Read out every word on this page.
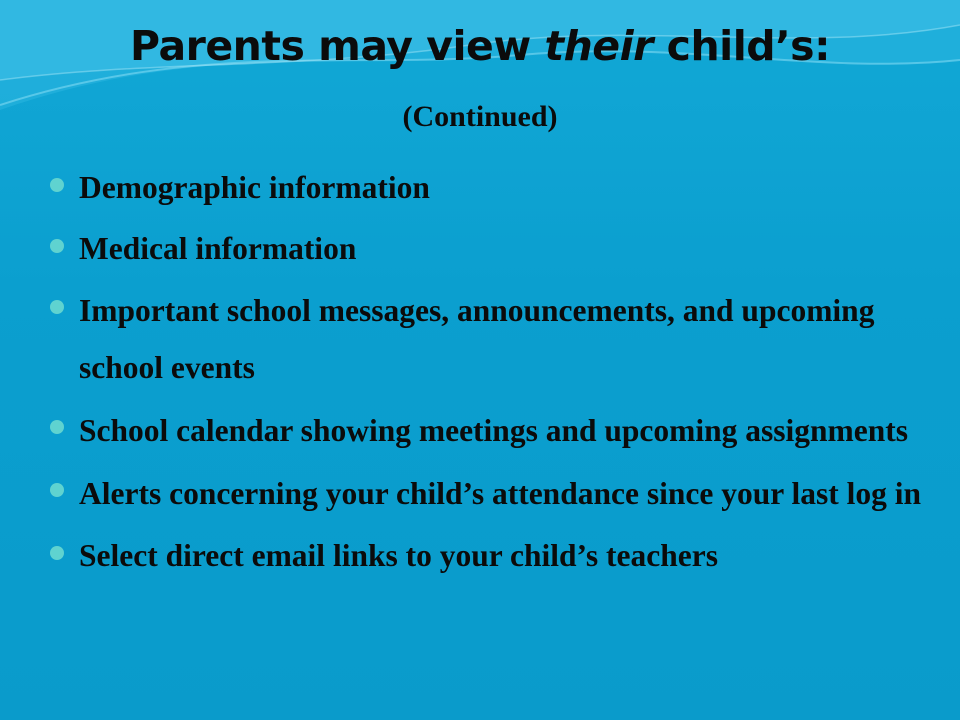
Parents may view their child’s:
(Continued)
Demographic information
Medical information
Important school messages, announcements, and upcoming school events
School calendar showing meetings and upcoming assignments
Alerts concerning your child’s attendance since your last log in
Select direct email links to your child’s teachers
